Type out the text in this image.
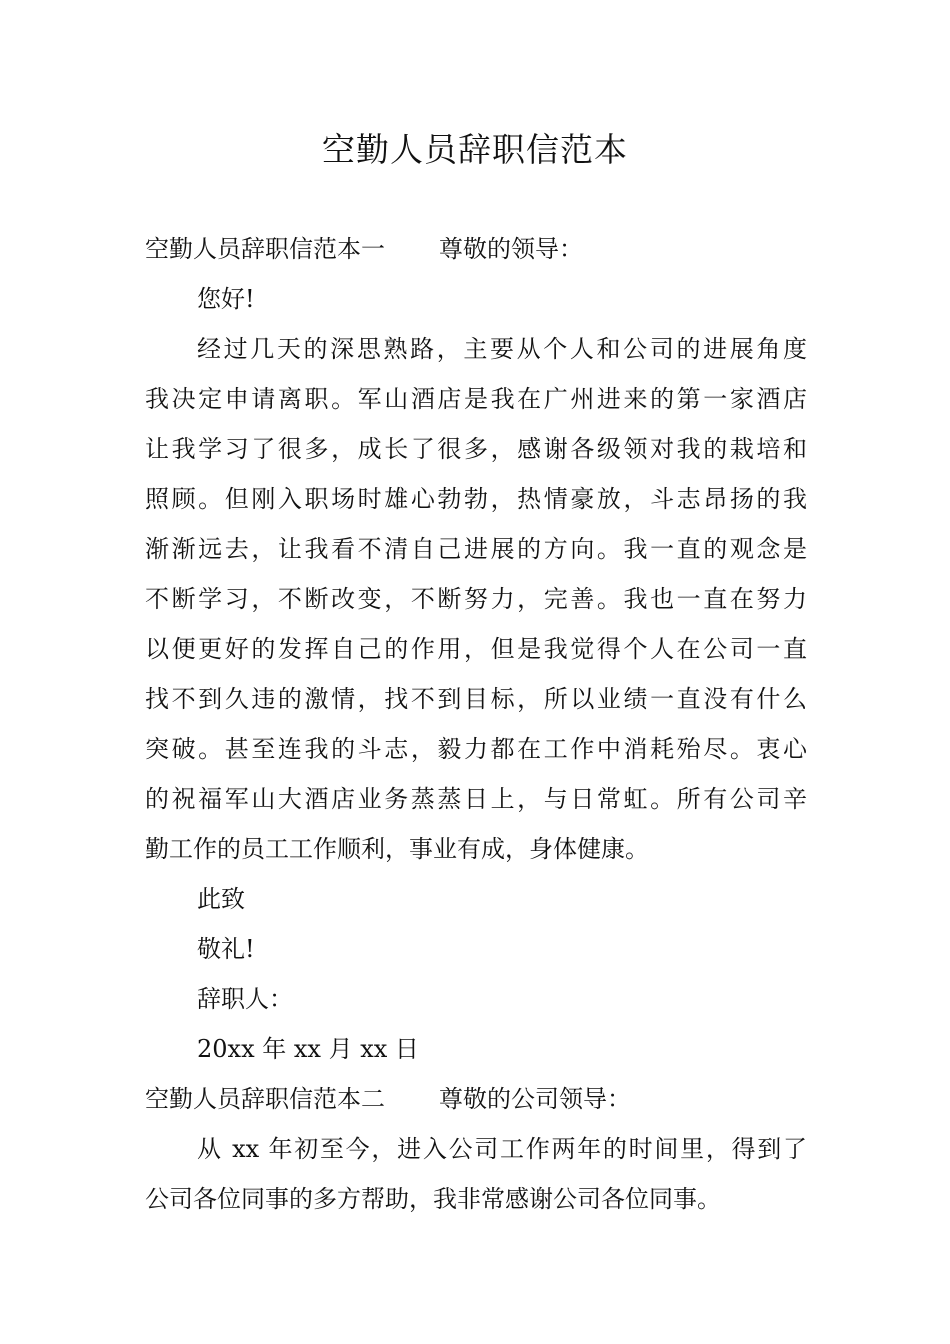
空勤人员辞职信范本
空勤人员辞职信范本一 尊敬的领导：
您好!
经过几天的深思熟路，主要从个人和公司的进展角度
我决定申请离职。军山酒店是我在广州进来的第一家酒店
让我学习了很多，成长了很多，感谢各级领对我的栽培和
照顾。但刚入职场时雄心勃勃，热情豪放，斗志昂扬的我
渐渐远去，让我看不清自己进展的方向。我一直的观念是
不断学习，不断改变，不断努力，完善。我也一直在努力
以便更好的发挥自己的作用，但是我觉得个人在公司一直
找不到久违的激情，找不到目标，所以业绩一直没有什么
突破。甚至连我的斗志，毅力都在工作中消耗殆尽。衷心
的祝福军山大酒店业务蒸蒸日上，与日常虹。所有公司辛
勤工作的员工工作顺利，事业有成，身体健康。
此致
敬礼!
辞职人：
20xx 年 xx 月 xx 日
空勤人员辞职信范本二 尊敬的公司领导：
从 xx 年初至今，进入公司工作两年的时间里，得到了
公司各位同事的多方帮助，我非常感谢公司各位同事。
